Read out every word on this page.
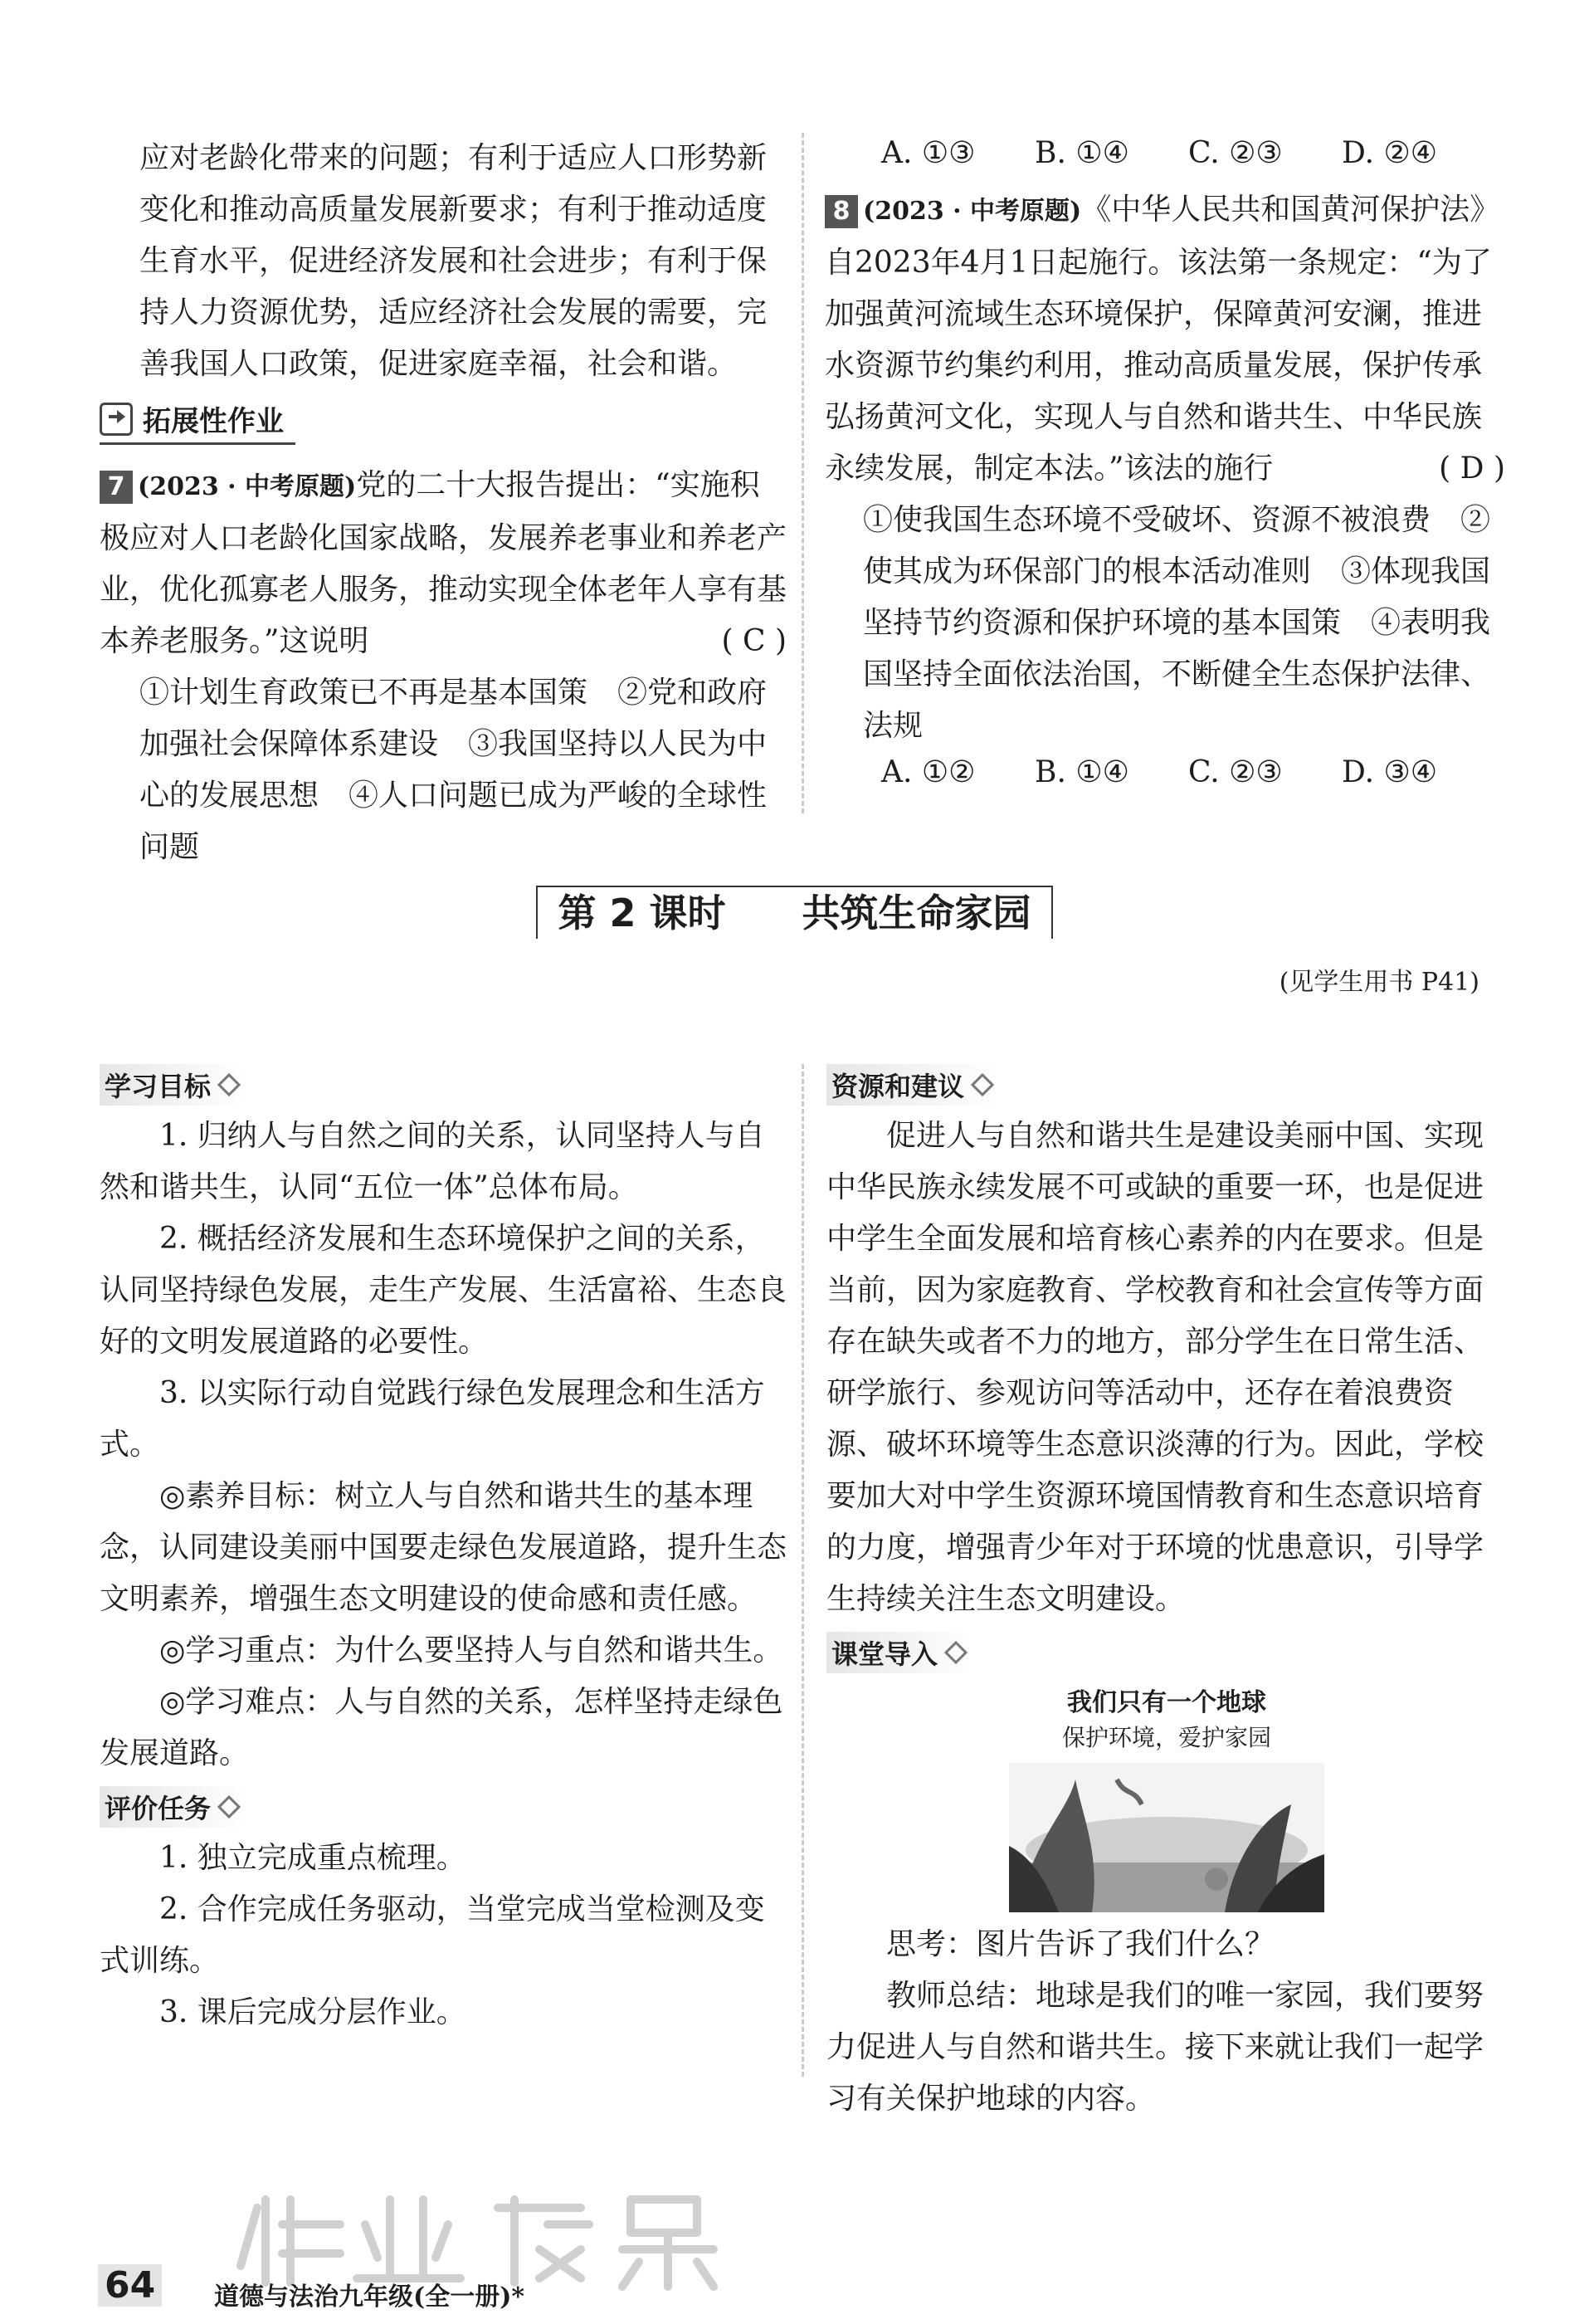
应对老龄化带来的问题；有利于适应人口形势新变化和推动高质量发展新要求；有利于推动适度生育水平，促进经济发展和社会进步；有利于保持人力资源优势，适应经济社会发展的需要，完善我国人口政策，促进家庭幸福，社会和谐。

拓展性作业

7 (2023 · 中考原题)党的二十大报告提出：“实施积极应对人口老龄化国家战略，发展养老事业和养老产业，优化孤寡老人服务，推动实现全体老年人享有基本养老服务。”这说明	( C )

①计划生育政策已不再是基本国策　②党和政府加强社会保障体系建设　③我国坚持以人民为中心的发展思想　④人口问题已成为严峻的全球性问题

A. ①③	B. ①④	C. ②③	D. ②④

8 (2023 · 中考原题)《中华人民共和国黄河保护法》自2023年4月1日起施行。该法第一条规定：“为了加强黄河流域生态环境保护，保障黄河安澜，推进水资源节约集约利用，推动高质量发展，保护传承弘扬黄河文化，实现人与自然和谐共生、中华民族永续发展，制定本法。”该法的施行	( D )

①使我国生态环境不受破坏、资源不被浪费　②使其成为环保部门的根本活动准则　③体现我国坚持节约资源和保护环境的基本国策　④表明我国坚持全面依法治国，不断健全生态保护法律、法规

A. ①②	B. ①④	C. ②③	D. ③④
第 2 课时 共筑生命家园
(见学生用书 P41)
学习目标

1. 归纳人与自然之间的关系，认同坚持人与自然和谐共生，认同“五位一体”总体布局。

2. 概括经济发展和生态环境保护之间的关系，认同坚持绿色发展，走生产发展、生活富裕、生态良好的文明发展道路的必要性。

3. 以实际行动自觉践行绿色发展理念和生活方式。

◎素养目标：树立人与自然和谐共生的基本理念，认同建设美丽中国要走绿色发展道路，提升生态文明素养，增强生态文明建设的使命感和责任感。

◎学习重点：为什么要坚持人与自然和谐共生。

◎学习难点：人与自然的关系，怎样坚持走绿色发展道路。

评价任务

1. 独立完成重点梳理。

2. 合作完成任务驱动，当堂完成当堂检测及变式训练。

3. 课后完成分层作业。

资源和建议

促进人与自然和谐共生是建设美丽中国、实现中华民族永续发展不可或缺的重要一环，也是促进中学生全面发展和培育核心素养的内在要求。但是当前，因为家庭教育、学校教育和社会宣传等方面存在缺失或者不力的地方，部分学生在日常生活、研学旅行、参观访问等活动中，还存在着浪费资源、破坏环境等生态意识淡薄的行为。因此，学校要加大对中学生资源环境国情教育和生态意识培育的力度，增强青少年对于环境的忧患意识，引导学生持续关注生态文明建设。

课堂导入
我们只有一个地球
保护环境，爱护家园

思考：图片告诉了我们什么？

教师总结：地球是我们的唯一家园，我们要努力促进人与自然和谐共生。接下来就让我们一起学习有关保护地球的内容。

64 道德与法治九年级(全一册)*
